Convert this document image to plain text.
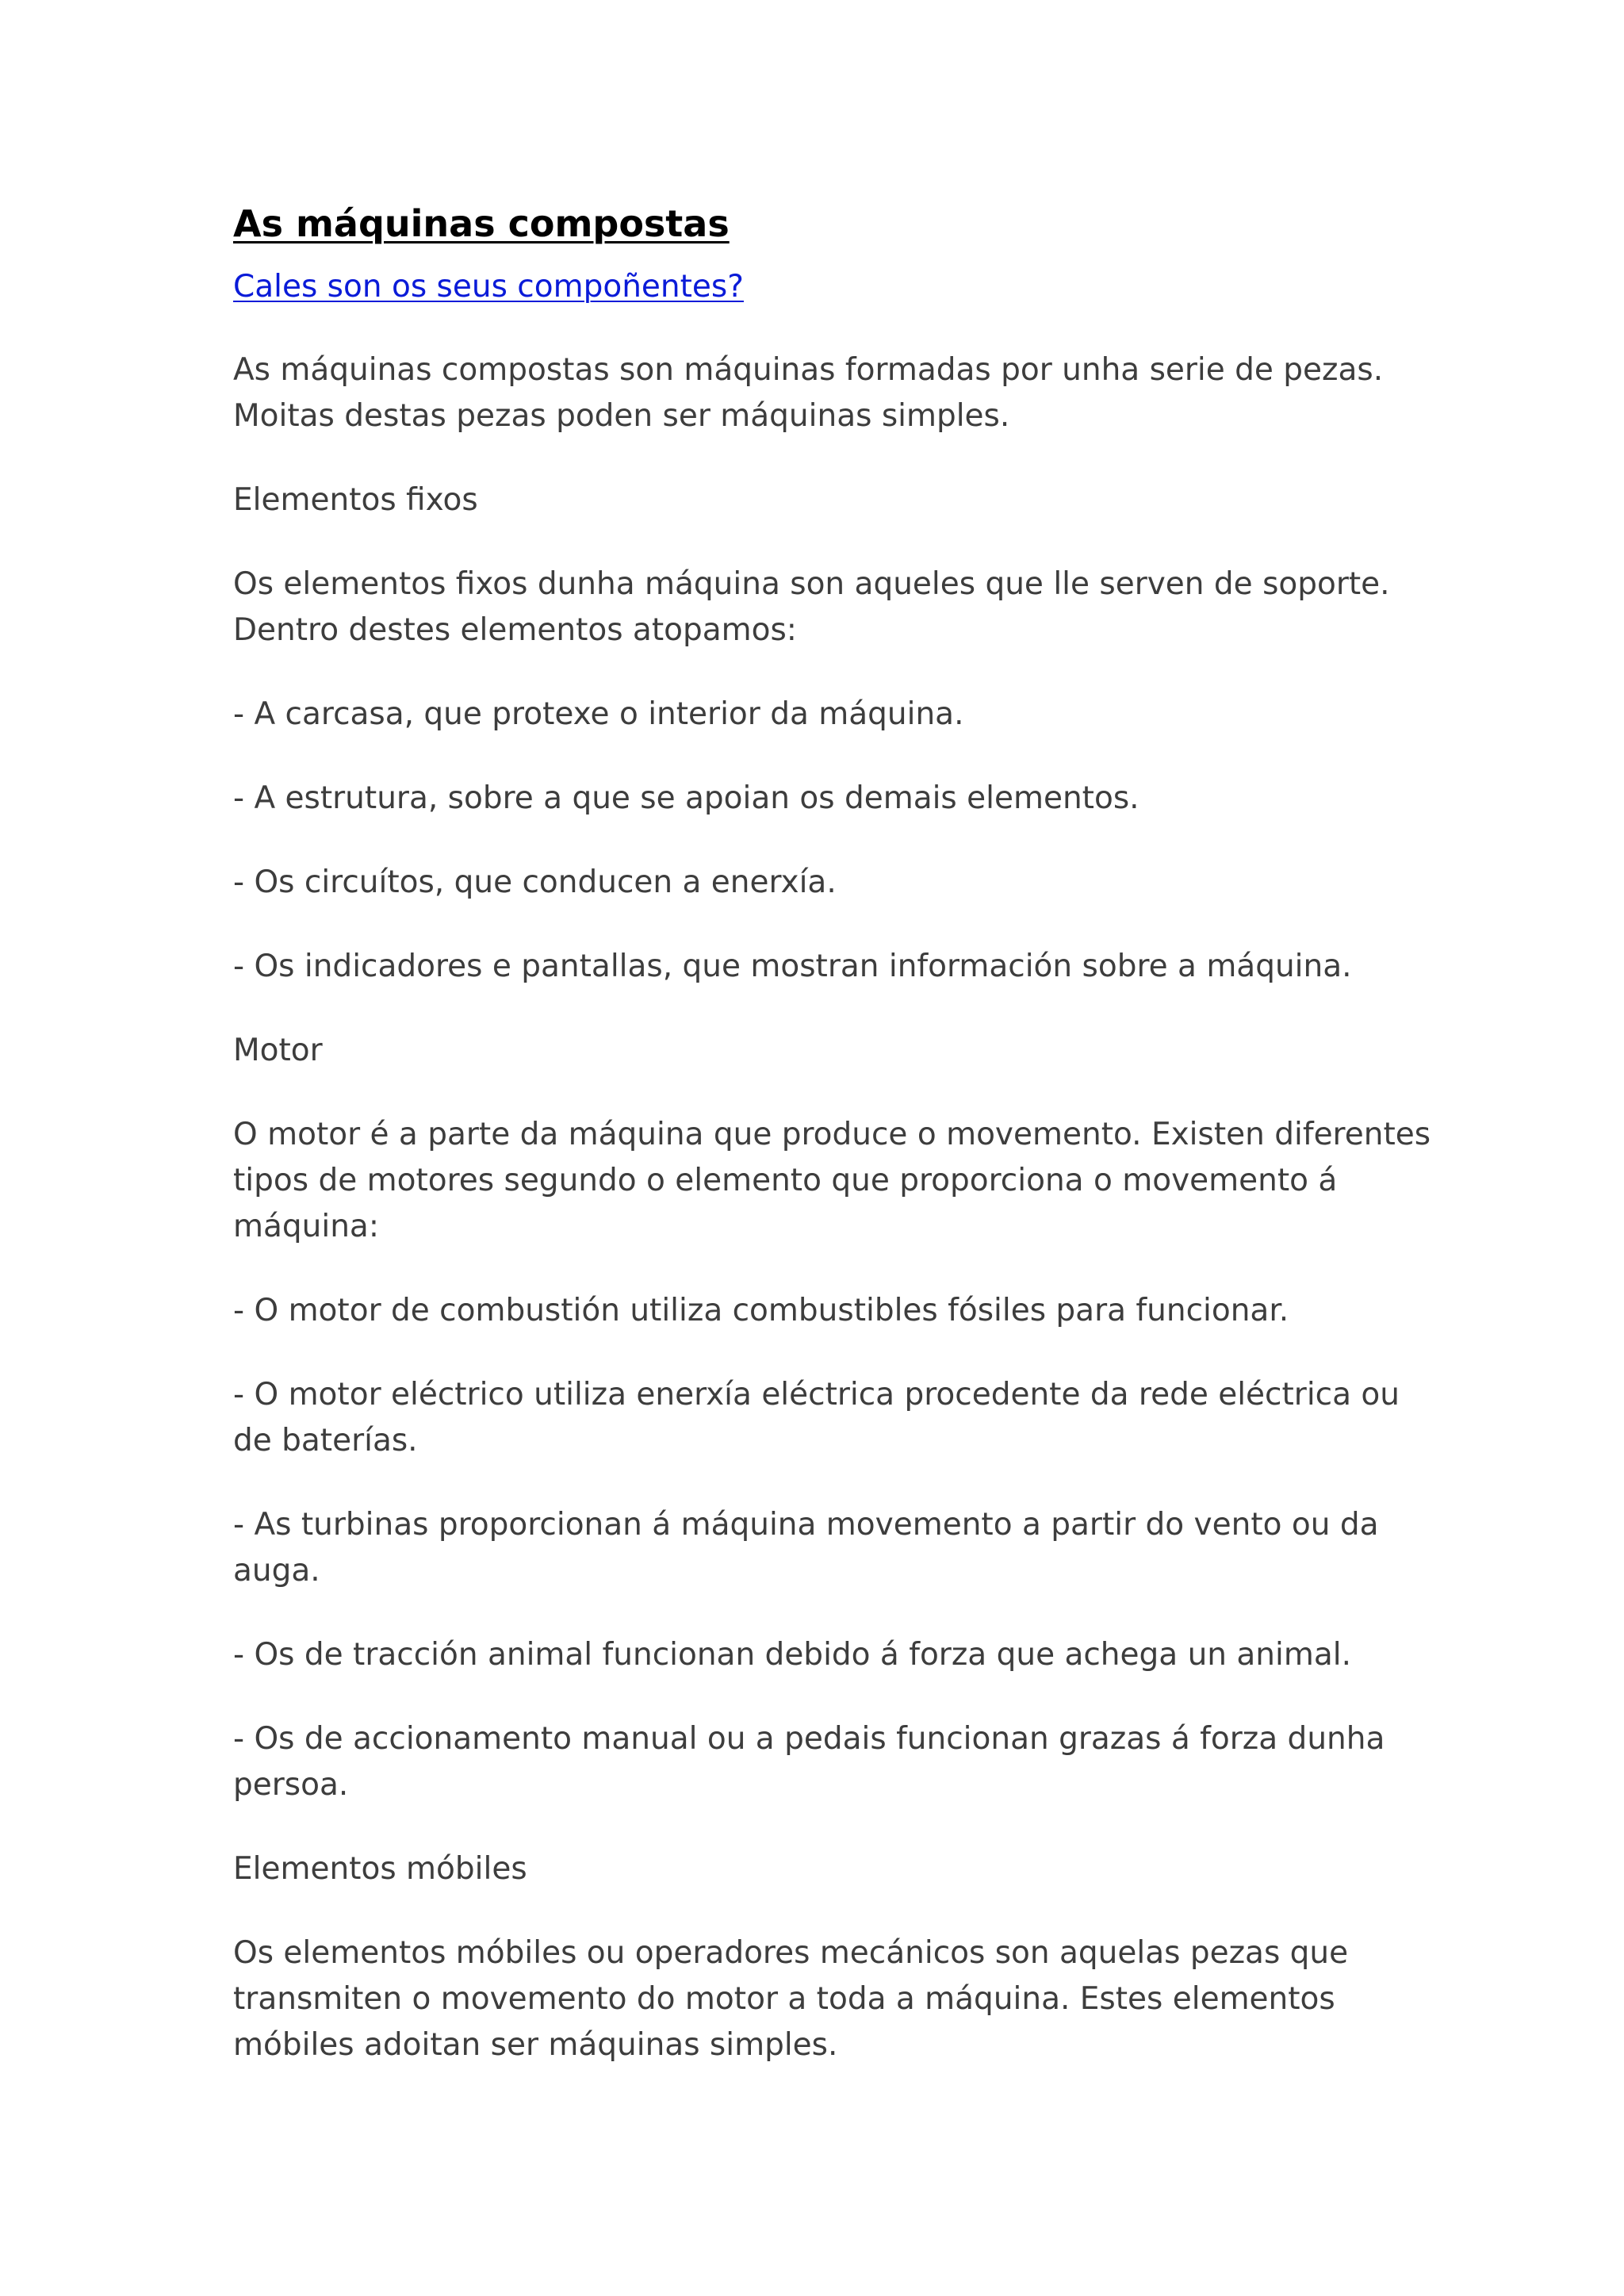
As máquinas compostas
Cales son os seus compoñentes?

As máquinas compostas son máquinas formadas por unha serie de pezas. Moitas destas pezas poden ser máquinas simples.

Elementos fixos

Os elementos fixos dunha máquina son aqueles que lle serven de soporte. Dentro destes elementos atopamos:

- A carcasa, que protexe o interior da máquina.

- A estrutura, sobre a que se apoian os demais elementos.

- Os circuítos, que conducen a enerxía.

- Os indicadores e pantallas, que mostran información sobre a máquina.

Motor

O motor é a parte da máquina que produce o movemento. Existen diferentes tipos de motores segundo o elemento que proporciona o movemento á máquina:

- O motor de combustión utiliza combustibles fósiles para funcionar.

- O motor eléctrico utiliza enerxía eléctrica procedente da rede eléctrica ou de baterías.

- As turbinas proporcionan á máquina movemento a partir do vento ou da auga.

- Os de tracción animal funcionan debido á forza que achega un animal.

- Os de accionamento manual ou a pedais funcionan grazas á forza dunha persoa.

Elementos móbiles

Os elementos móbiles ou operadores mecánicos son aquelas pezas que transmiten o movemento do motor a toda a máquina. Estes elementos móbiles adoitan ser máquinas simples.
